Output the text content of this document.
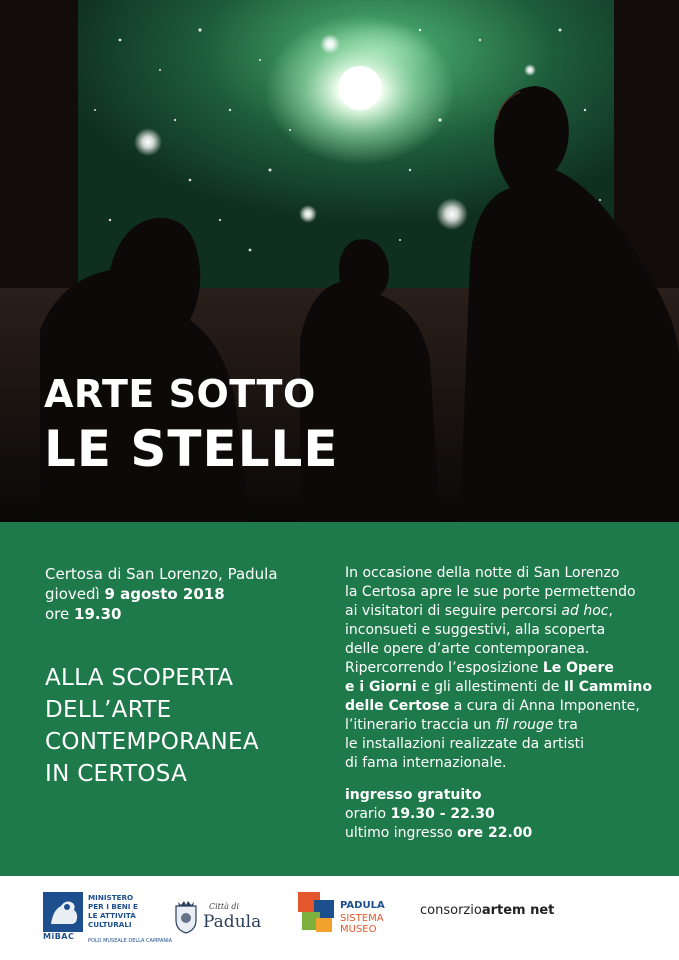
ARTE SOTTO
LE STELLE

Certosa di San Lorenzo, Padula

giovedì 9 agosto 2018

ore 19.30

ALLA SCOPERTA
DELL’ARTE
CONTEMPORANEA
IN CERTOSA

In occasione della notte di San Lorenzo

la Certosa apre le sue porte permettendo

ai visitatori di seguire percorsi ad hoc,

inconsueti e suggestivi, alla scoperta

delle opere d’arte contemporanea.

Ripercorrendo l’esposizione Le Opere

e i Giorni e gli allestimenti de Il Cammino

delle Certose a cura di Anna Imponente,

l’itinerario traccia un fil rouge tra

le installazioni realizzate da artisti

di fama internazionale.

ingresso gratuito

orario 19.30 - 22.30

ultimo ingresso ore 22.00

MiBAC
MINISTERO
PER I BENI E
LE ATTIVITÀ
CULTURALI
POLO MUSEALE DELLA CAMPANIA
Città di
Padula
PADULA
SISTEMA
MUSEO
consorzioartem net
